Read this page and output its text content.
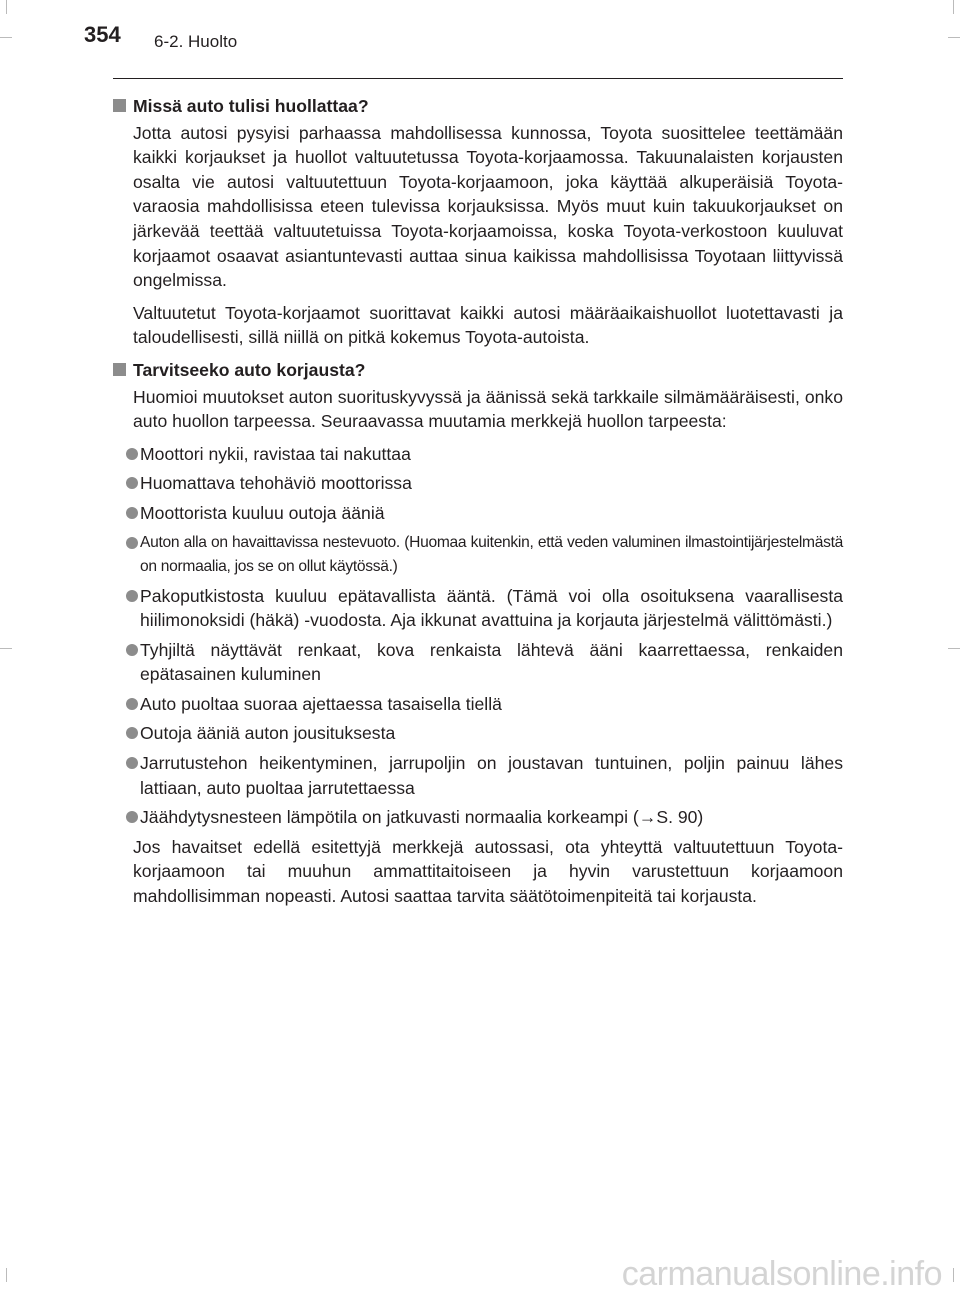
354 6-2. Huolto
Missä auto tulisi huollattaa?

Jotta autosi pysyisi parhaassa mahdollisessa kunnossa, Toyota suosittelee teettämään kaikki korjaukset ja huollot valtuutetussa Toyota-korjaamossa. Takuunalaisten korjausten osalta vie autosi valtuutettuun Toyota-korjaamoon, joka käyttää alkuperäisiä Toyota-varaosia mahdollisissa eteen tulevissa korjauksissa. Myös muut kuin takuukorjaukset on järkevää teettää valtuutetuissa Toyota-korjaamoissa, koska Toyota-verkostoon kuuluvat korjaamot osaavat asiantuntevasti auttaa sinua kaikissa mahdollisissa Toyotaan liittyvissä ongelmissa.

Valtuutetut Toyota-korjaamot suorittavat kaikki autosi määräaikaishuollot luotettavasti ja taloudellisesti, sillä niillä on pitkä kokemus Toyota-autoista.

Tarvitseeko auto korjausta?

Huomioi muutokset auton suorituskyvyssä ja äänissä sekä tarkkaile silmämääräisesti, onko auto huollon tarpeessa. Seuraavassa muutamia merkkejä huollon tarpeesta:

Moottori nykii, ravistaa tai nakuttaa
Huomattava tehohäviö moottorissa
Moottorista kuuluu outoja ääniä
Auton alla on havaittavissa nestevuoto. (Huomaa kuitenkin, että veden valuminen ilmastointijärjestelmästä on normaalia, jos se on ollut käytössä.)
Pakoputkistosta kuuluu epätavallista ääntä. (Tämä voi olla osoituksena vaarallisesta hiilimonoksidi (häkä) -vuodosta. Aja ikkunat avattuina ja korjauta järjestelmä välittömästi.)
Tyhjiltä näyttävät renkaat, kova renkaista lähtevä ääni kaarrettaessa, renkaiden epätasainen kuluminen
Auto puoltaa suoraa ajettaessa tasaisella tiellä
Outoja ääniä auton jousituksesta
Jarrutustehon heikentyminen, jarrupoljin on joustavan tuntuinen, poljin painuu lähes lattiaan, auto puoltaa jarrutettaessa
Jäähdytysnesteen lämpötila on jatkuvasti normaalia korkeampi (→S. 90)

Jos havaitset edellä esitettyjä merkkejä autossasi, ota yhteyttä valtuutettuun Toyota-korjaamoon tai muuhun ammattitaitoiseen ja hyvin varustettuun korjaamoon mahdollisimman nopeasti. Autosi saattaa tarvita säätötoimenpiteitä tai korjausta.

carmanualsonline.info
